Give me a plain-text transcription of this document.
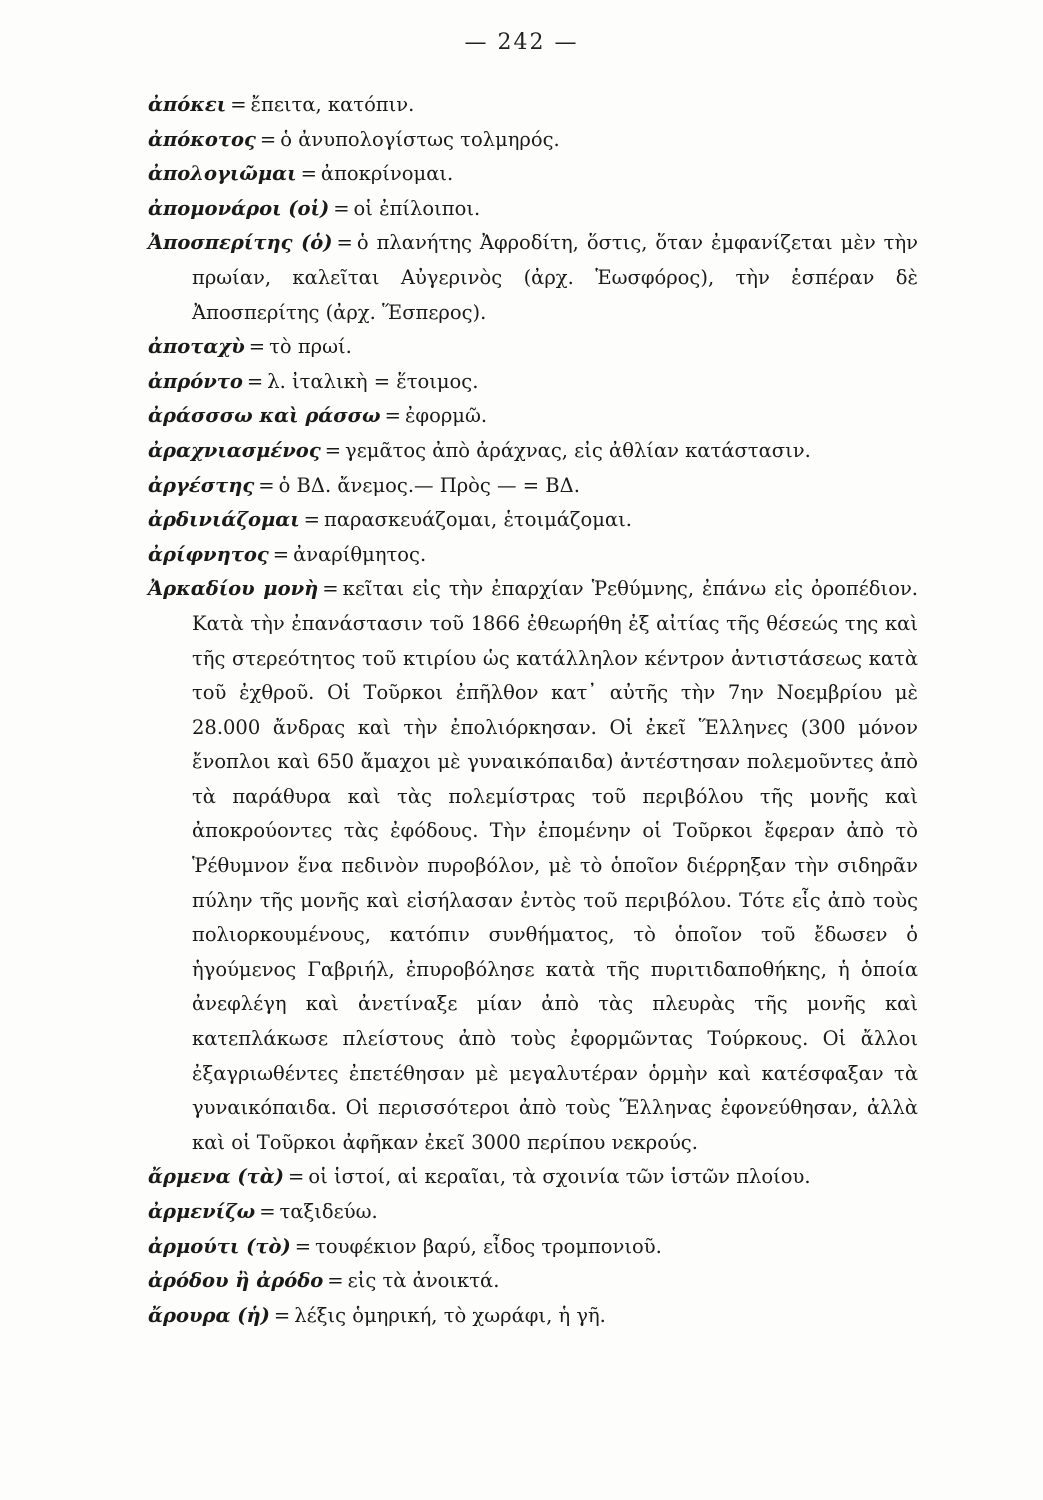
— 242 —

ἀπόκει = ἔπειτα, κατόπιν.

ἀπόκοτος = ὁ ἀνυπολογίστως τολμηρός.

ἀπολογιῶμαι = ἀποκρίνομαι.

ἀπομονάροι (οἱ) = οἱ ἐπίλοιποι.

Ἀποσπερίτης (ὁ) = ὁ πλανήτης Ἀφροδίτη, ὅστις, ὅταν ἐμφανίζεται μὲν τὴν πρωίαν, καλεῖται Αὐγερινὸς (ἀρχ. Ἑωσφόρος), τὴν ἑσπέραν δὲ Ἀποσπερίτης (ἀρχ. Ἕσπερος).

ἀποταχὺ = τὸ πρωί.

ἀπρόντο = λ. ἰταλικὴ = ἕτοιμος.

ἀράσσσω καὶ ράσσω = ἐφορμῶ.

ἀραχνιασμένος = γεμᾶτος ἀπὸ ἀράχνας, εἰς ἀθλίαν κατάστασιν.

ἀργέστης = ὁ ΒΔ. ἄνεμος.— Πρὸς — = ΒΔ.

ἀρδινιάζομαι = παρασκευάζομαι, ἑτοιμάζομαι.

ἀρίφνητος = ἀναρίθμητος.

Ἀρκαδίου μονὴ = κεῖται εἰς τὴν ἐπαρχίαν Ῥεθύμνης, ἐπάνω εἰς ὀροπέδιον. Κατὰ τὴν ἐπανάστασιν τοῦ 1866 ἐθεωρήθη ἐξ αἰτίας τῆς θέσεώς της καὶ τῆς στερεότητος τοῦ κτιρίου ὡς κατάλληλον κέντρον ἀντιστάσεως κατὰ τοῦ ἐχθροῦ. Οἱ Τοῦρκοι ἐπῆλθον κατ᾽ αὐτῆς τὴν 7ην Νοεμβρίου μὲ 28.000 ἄνδρας καὶ τὴν ἐπολιόρκησαν. Οἱ ἐκεῖ Ἕλληνες (300 μόνον ἔνοπλοι καὶ 650 ἄμαχοι μὲ γυναικόπαιδα) ἀντέστησαν πολεμοῦντες ἀπὸ τὰ παράθυρα καὶ τὰς πολεμίστρας τοῦ περιβόλου τῆς μονῆς καὶ ἀποκρούοντες τὰς ἐφόδους. Τὴν ἐπομένην οἱ Τοῦρκοι ἔφεραν ἀπὸ τὸ Ῥέθυμνον ἕνα πεδινὸν πυροβόλον, μὲ τὸ ὁποῖον διέρρηξαν τὴν σιδηρᾶν πύλην τῆς μονῆς καὶ εἰσήλασαν ἐντὸς τοῦ περιβόλου. Τότε εἷς ἀπὸ τοὺς πολιορκουμένους, κατόπιν συνθήματος, τὸ ὁποῖον τοῦ ἔδωσεν ὁ ἡγούμενος Γαβριήλ, ἐπυροβόλησε κατὰ τῆς πυριτιδαποθήκης, ἡ ὁποία ἀνεφλέγη καὶ ἀνετίναξε μίαν ἀπὸ τὰς πλευρὰς τῆς μονῆς καὶ κατεπλάκωσε πλείστους ἀπὸ τοὺς ἐφορμῶντας Τούρκους. Οἱ ἄλλοι ἐξαγριωθέντες ἐπετέθησαν μὲ μεγαλυτέραν ὁρμὴν καὶ κατέσφαξαν τὰ γυναικόπαιδα. Οἱ περισσότεροι ἀπὸ τοὺς Ἕλληνας ἐφονεύθησαν, ἀλλὰ καὶ οἱ Τοῦρκοι ἀφῆκαν ἐκεῖ 3000 περίπου νεκρούς.

ἄρμενα (τὰ) = οἱ ἱστοί, αἱ κεραῖαι, τὰ σχοινία τῶν ἱστῶν πλοίου.

ἀρμενίζω = ταξιδεύω.

ἀρμούτι (τὸ) = τουφέκιον βαρύ, εἶδος τρομπονιοῦ.

ἀρόδου ἢ ἀρόδο = εἰς τὰ ἀνοικτά.

ἄρουρα (ἡ) = λέξις ὁμηρική, τὸ χωράφι, ἡ γῆ.
